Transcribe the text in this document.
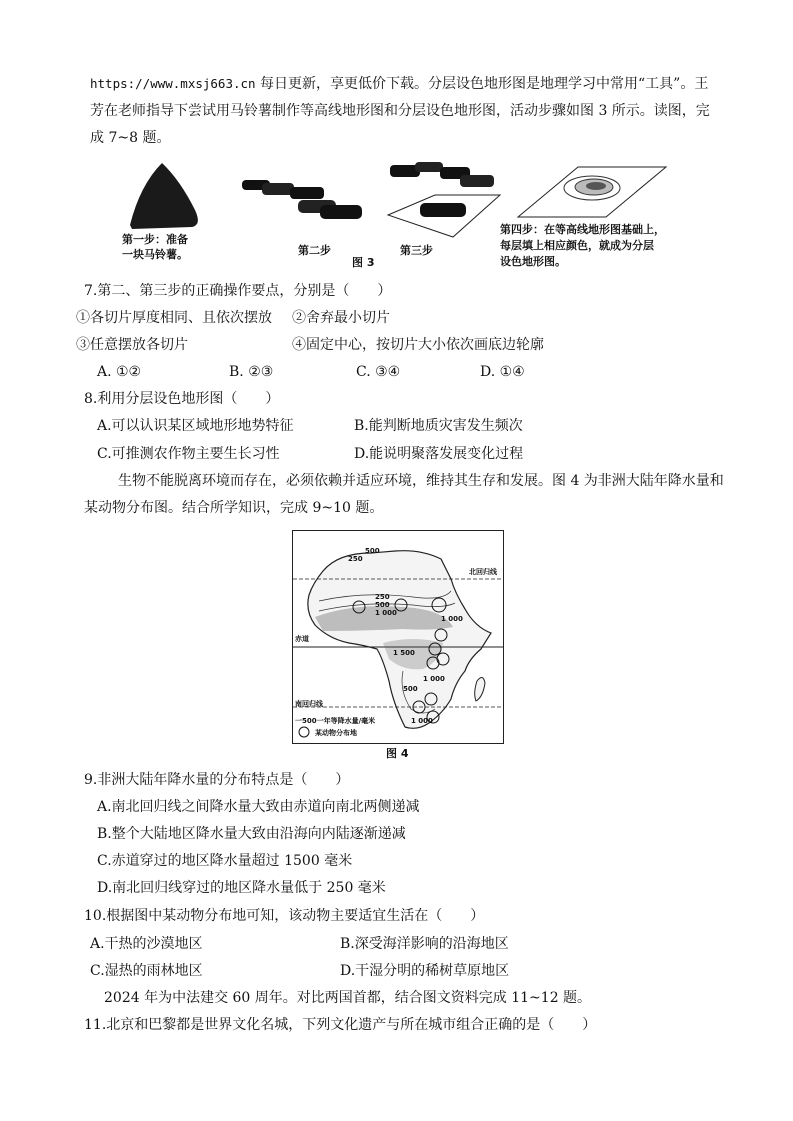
https://www.mxsj663.cn 每日更新，享更低价下载。分层设色地形图是地理学习中常用“工具”。王
芳在老师指导下尝试用马铃薯制作等高线地形图和分层设色地形图，活动步骤如图 3 所示。读图，完
成 7~8 题。
第一步：准备
一块马铃薯。	第二步	第三步
图 3
第四步：在等高线地形图基础上，
每层填上相应颜色，就成为分层
设色地形图。
7.第二、第三步的正确操作要点，分别是（　　）
①各切片厚度相同、且依次摆放 ②舍弃最小切片
③任意摆放各切片	④固定中心，按切片大小依次画底边轮廓
A. ①②	B. ②③	C. ③④	D. ①④
8.利用分层设色地形图（　　）
A.可以认识某区域地形地势特征	B.能判断地质灾害发生频次
C.可推测农作物主要生长习性	D.能说明聚落发展变化过程
生物不能脱离环境而存在，必须依赖并适应环境，维持其生存和发展。图 4 为非洲大陆年降水量和
某动物分布图。结合所学知识，完成 9~10 题。
500
250
北回归线
250
500
1 000
1 000
赤道
1 500
1 000
500
南回归线
1 000
一500一年等降水量/毫米
某动物分布地
图 4
9.非洲大陆年降水量的分布特点是（　　）
A.南北回归线之间降水量大致由赤道向南北两侧递减
B.整个大陆地区降水量大致由沿海向内陆逐渐递减
C.赤道穿过的地区降水量超过 1500 毫米
D.南北回归线穿过的地区降水量低于 250 毫米
10.根据图中某动物分布地可知，该动物主要适宜生活在（　　）
A.干热的沙漠地区	B.深受海洋影响的沿海地区
C.湿热的雨林地区	D.干湿分明的稀树草原地区
2024 年为中法建交 60 周年。对比两国首都，结合图文资料完成 11~12 题。
11.北京和巴黎都是世界文化名城，下列文化遗产与所在城市组合正确的是（　　）
